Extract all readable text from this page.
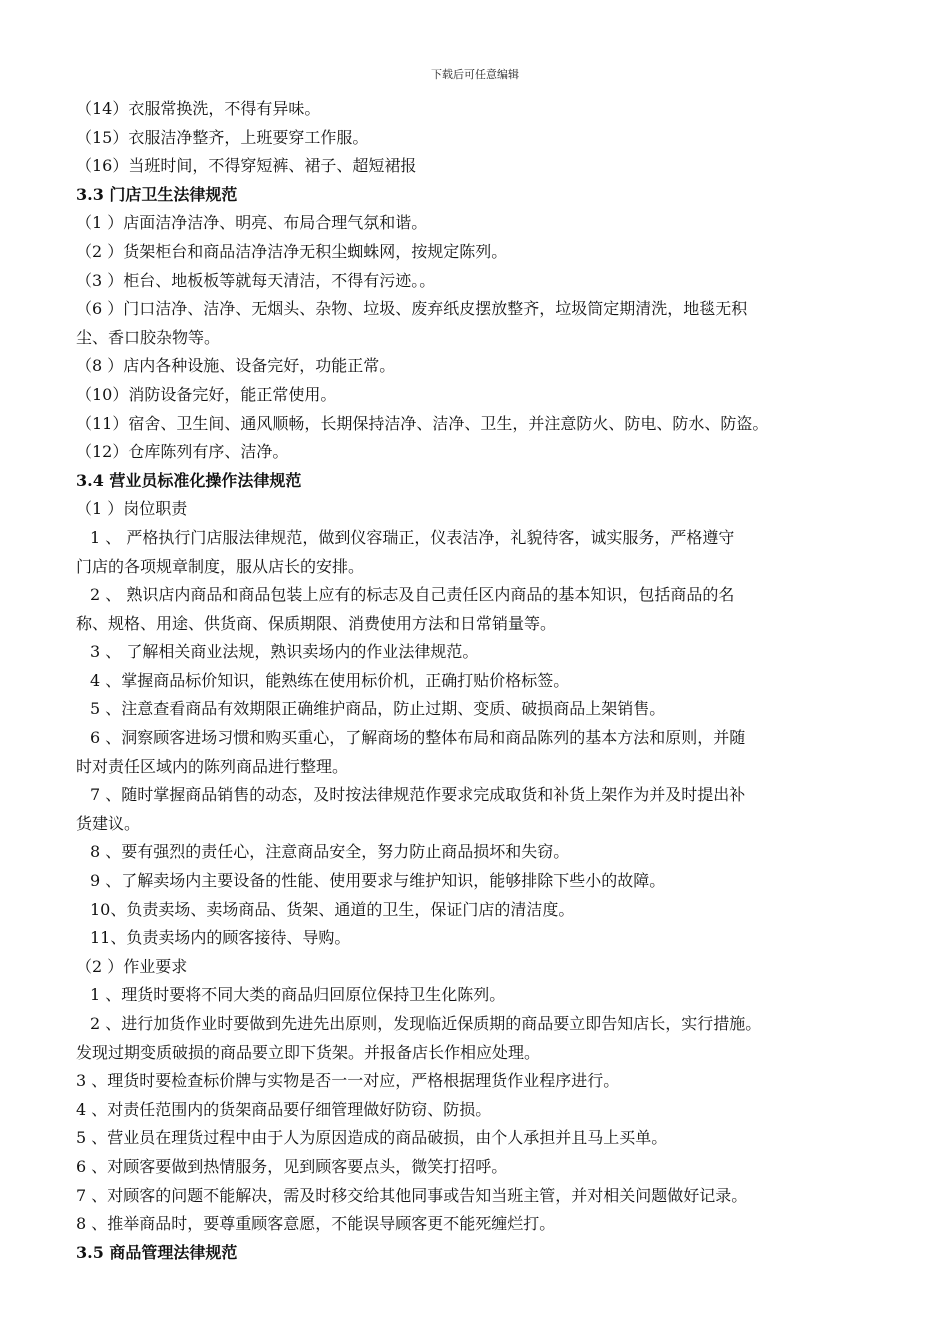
下载后可任意编辑
（14）衣服常换洗，不得有异味。
（15）衣服洁净整齐，上班要穿工作服。
（16）当班时间，不得穿短裤、裙子、超短裙报
3.3 门店卫生法律规范
（1 ）店面洁净洁净、明亮、布局合理气氛和谐。
（2 ）货架柜台和商品洁净洁净无积尘蜘蛛网，按规定陈列。
（3 ）柜台、地板板等就每天清洁，不得有污迹。。
（6 ）门口洁净、洁净、无烟头、杂物、垃圾、废弃纸皮摆放整齐，垃圾筒定期清洗，地毯无积
尘、香口胶杂物等。
（8 ）店内各种设施、设备完好，功能正常。
（10）消防设备完好，能正常使用。
（11）宿舍、卫生间、通风顺畅，长期保持洁净、洁净、卫生，并注意防火、防电、防水、防盗。
（12）仓库陈列有序、洁净。
3.4 营业员标准化操作法律规范
（1 ）岗位职责
1 、 严格执行门店服法律规范，做到仪容瑞正，仪表洁净，礼貌待客，诚实服务，严格遵守
门店的各项规章制度，服从店长的安排。
2 、 熟识店内商品和商品包装上应有的标志及自己责任区内商品的基本知识，包括商品的名
称、规格、用途、供货商、保质期限、消费使用方法和日常销量等。
3 、 了解相关商业法规，熟识卖场内的作业法律规范。
4 、掌握商品标价知识，能熟练在使用标价机，正确打贴价格标签。
5 、注意查看商品有效期限正确维护商品，防止过期、变质、破损商品上架销售。
6 、洞察顾客进场习惯和购买重心，了解商场的整体布局和商品陈列的基本方法和原则，并随
时对责任区域内的陈列商品进行整理。
7 、随时掌握商品销售的动态，及时按法律规范作要求完成取货和补货上架作为并及时提出补
货建议。
8 、要有强烈的责任心，注意商品安全，努力防止商品损坏和失窃。
9 、了解卖场内主要设备的性能、使用要求与维护知识，能够排除下些小的故障。
10、负责卖场、卖场商品、货架、通道的卫生，保证门店的清洁度。
11、负责卖场内的顾客接待、导购。
（2 ）作业要求
1 、理货时要将不同大类的商品归回原位保持卫生化陈列。
2 、进行加货作业时要做到先进先出原则，发现临近保质期的商品要立即告知店长，实行措施。
发现过期变质破损的商品要立即下货架。并报备店长作相应处理。
3 、理货时要检查标价牌与实物是否一一对应，严格根据理货作业程序进行。
4 、对责任范围内的货架商品要仔细管理做好防窃、防损。
5 、营业员在理货过程中由于人为原因造成的商品破损，由个人承担并且马上买单。
6 、对顾客要做到热情服务，见到顾客要点头，微笑打招呼。
7 、对顾客的问题不能解决，需及时移交给其他同事或告知当班主管，并对相关问题做好记录。
8 、推举商品时，要尊重顾客意愿，不能误导顾客更不能死缠烂打。
3.5 商品管理法律规范
